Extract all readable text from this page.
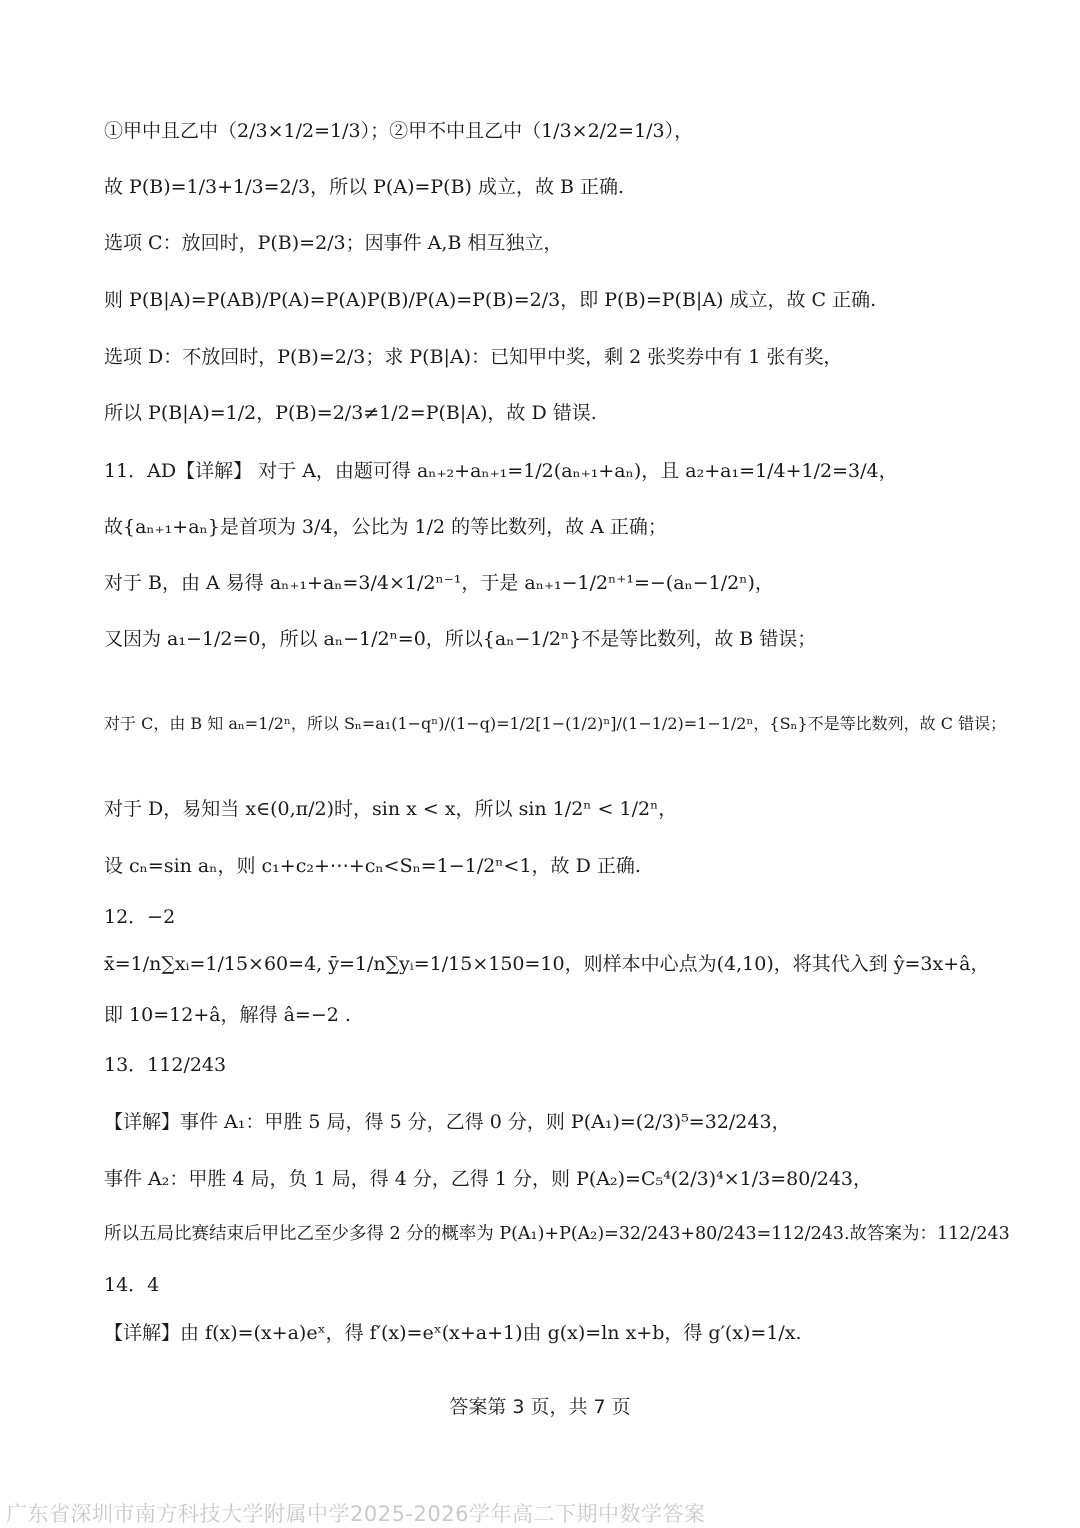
①甲中且乙中（2/3×1/2=1/3）；②甲不中且乙中（1/3×2/2=1/3），
故 P(B)=1/3+1/3=2/3，所以 P(A)=P(B) 成立，故 B 正确.
选项 C：放回时，P(B)=2/3；因事件 A,B 相互独立，
则 P(B|A)=P(AB)/P(A)=P(A)P(B)/P(A)=P(B)=2/3，即 P(B)=P(B|A) 成立，故 C 正确.
选项 D：不放回时，P(B)=2/3；求 P(B|A)：已知甲中奖，剩 2 张奖券中有 1 张有奖，
所以 P(B|A)=1/2，P(B)=2/3≠1/2=P(B|A)，故 D 错误.
11．AD【详解】 对于 A，由题可得 aₙ₊₂+aₙ₊₁=1/2(aₙ₊₁+aₙ)，且 a₂+a₁=1/4+1/2=3/4，
故{aₙ₊₁+aₙ}是首项为 3/4，公比为 1/2 的等比数列，故 A 正确；
对于 B，由 A 易得 aₙ₊₁+aₙ=3/4×1/2ⁿ⁻¹，于是 aₙ₊₁−1/2ⁿ⁺¹=−(aₙ−1/2ⁿ)，
又因为 a₁−1/2=0，所以 aₙ−1/2ⁿ=0，所以{aₙ−1/2ⁿ}不是等比数列，故 B 错误；
对于 C，由 B 知 aₙ=1/2ⁿ，所以 Sₙ=a₁(1−qⁿ)/(1−q)=1/2[1−(1/2)ⁿ]/(1−1/2)=1−1/2ⁿ，{Sₙ}不是等比数列，故 C 错误；
对于 D，易知当 x∈(0,π/2)时，sin x < x，所以 sin 1/2ⁿ < 1/2ⁿ，
设 cₙ=sin aₙ，则 c₁+c₂+⋯+cₙ<Sₙ=1−1/2ⁿ<1，故 D 正确.
12．−2
x̄=1/n∑xᵢ=1/15×60=4, ȳ=1/n∑yᵢ=1/15×150=10，则样本中心点为(4,10)，将其代入到 ŷ=3x+â，
即 10=12+â，解得 â=−2 .
13．112/243
【详解】事件 A₁：甲胜 5 局，得 5 分，乙得 0 分，则 P(A₁)=(2/3)⁵=32/243，
事件 A₂：甲胜 4 局，负 1 局，得 4 分，乙得 1 分，则 P(A₂)=C₅⁴(2/3)⁴×1/3=80/243，
所以五局比赛结束后甲比乙至少多得 2 分的概率为 P(A₁)+P(A₂)=32/243+80/243=112/243.故答案为：112/243
14．4
【详解】由 f(x)=(x+a)eˣ，得 f′(x)=eˣ(x+a+1)由 g(x)=ln x+b，得 g′(x)=1/x.
答案第 3 页，共 7 页
广东省深圳市南方科技大学附属中学2025-2026学年高二下期中数学答案
